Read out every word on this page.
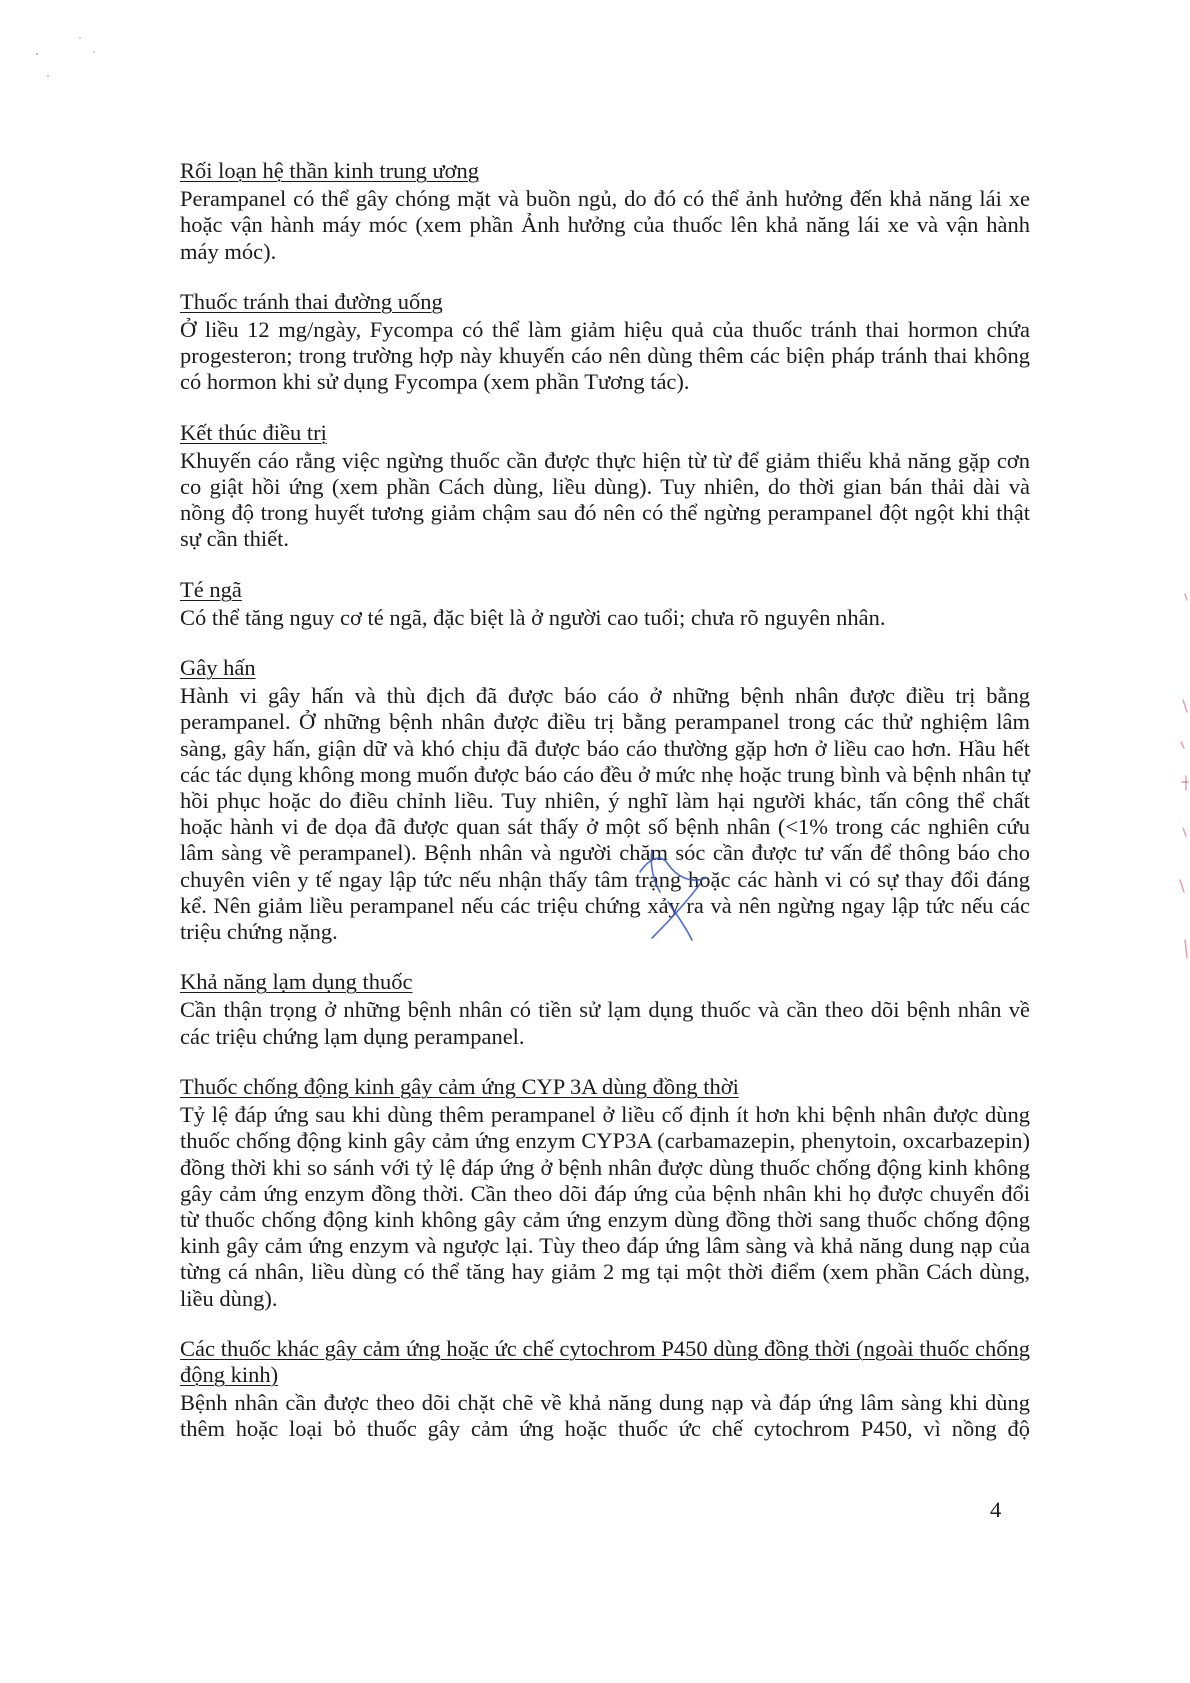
Rối loạn hệ thần kinh trung ương

Perampanel có thể gây chóng mặt và buồn ngủ, do đó có thể ảnh hưởng đến khả năng lái xe hoặc vận hành máy móc (xem phần Ảnh hưởng của thuốc lên khả năng lái xe và vận hành máy móc).

Thuốc tránh thai đường uống

Ở liều 12 mg/ngày, Fycompa có thể làm giảm hiệu quả của thuốc tránh thai hormon chứa progesteron; trong trường hợp này khuyến cáo nên dùng thêm các biện pháp tránh thai không có hormon khi sử dụng Fycompa (xem phần Tương tác).

Kết thúc điều trị

Khuyến cáo rằng việc ngừng thuốc cần được thực hiện từ từ để giảm thiểu khả năng gặp cơn co giật hồi ứng (xem phần Cách dùng, liều dùng). Tuy nhiên, do thời gian bán thải dài và nồng độ trong huyết tương giảm chậm sau đó nên có thể ngừng perampanel đột ngột khi thật sự cần thiết.

Té ngã

Có thể tăng nguy cơ té ngã, đặc biệt là ở người cao tuổi; chưa rõ nguyên nhân.

Gây hấn

Hành vi gây hấn và thù địch đã được báo cáo ở những bệnh nhân được điều trị bằng perampanel. Ở những bệnh nhân được điều trị bằng perampanel trong các thử nghiệm lâm sàng, gây hấn, giận dữ và khó chịu đã được báo cáo thường gặp hơn ở liều cao hơn. Hầu hết các tác dụng không mong muốn được báo cáo đều ở mức nhẹ hoặc trung bình và bệnh nhân tự hồi phục hoặc do điều chỉnh liều. Tuy nhiên, ý nghĩ làm hại người khác, tấn công thể chất hoặc hành vi đe dọa đã được quan sát thấy ở một số bệnh nhân (<1% trong các nghiên cứu lâm sàng về perampanel). Bệnh nhân và người chăm sóc cần được tư vấn để thông báo cho chuyên viên y tế ngay lập tức nếu nhận thấy tâm trạng hoặc các hành vi có sự thay đổi đáng kể. Nên giảm liều perampanel nếu các triệu chứng xảy ra và nên ngừng ngay lập tức nếu các triệu chứng nặng.

Khả năng lạm dụng thuốc

Cần thận trọng ở những bệnh nhân có tiền sử lạm dụng thuốc và cần theo dõi bệnh nhân về các triệu chứng lạm dụng perampanel.

Thuốc chống động kinh gây cảm ứng CYP 3A dùng đồng thời

Tỷ lệ đáp ứng sau khi dùng thêm perampanel ở liều cố định ít hơn khi bệnh nhân được dùng thuốc chống động kinh gây cảm ứng enzym CYP3A (carbamazepin, phenytoin, oxcarbazepin) đồng thời khi so sánh với tỷ lệ đáp ứng ở bệnh nhân được dùng thuốc chống động kinh không gây cảm ứng enzym đồng thời. Cần theo dõi đáp ứng của bệnh nhân khi họ được chuyển đổi từ thuốc chống động kinh không gây cảm ứng enzym dùng đồng thời sang thuốc chống động kinh gây cảm ứng enzym và ngược lại. Tùy theo đáp ứng lâm sàng và khả năng dung nạp của từng cá nhân, liều dùng có thể tăng hay giảm 2 mg tại một thời điểm (xem phần Cách dùng, liều dùng).

Các thuốc khác gây cảm ứng hoặc ức chế cytochrom P450 dùng đồng thời (ngoài thuốc chống động kinh)

Bệnh nhân cần được theo dõi chặt chẽ về khả năng dung nạp và đáp ứng lâm sàng khi dùng thêm hoặc loại bỏ thuốc gây cảm ứng hoặc thuốc ức chế cytochrom P450, vì nồng độ

4
